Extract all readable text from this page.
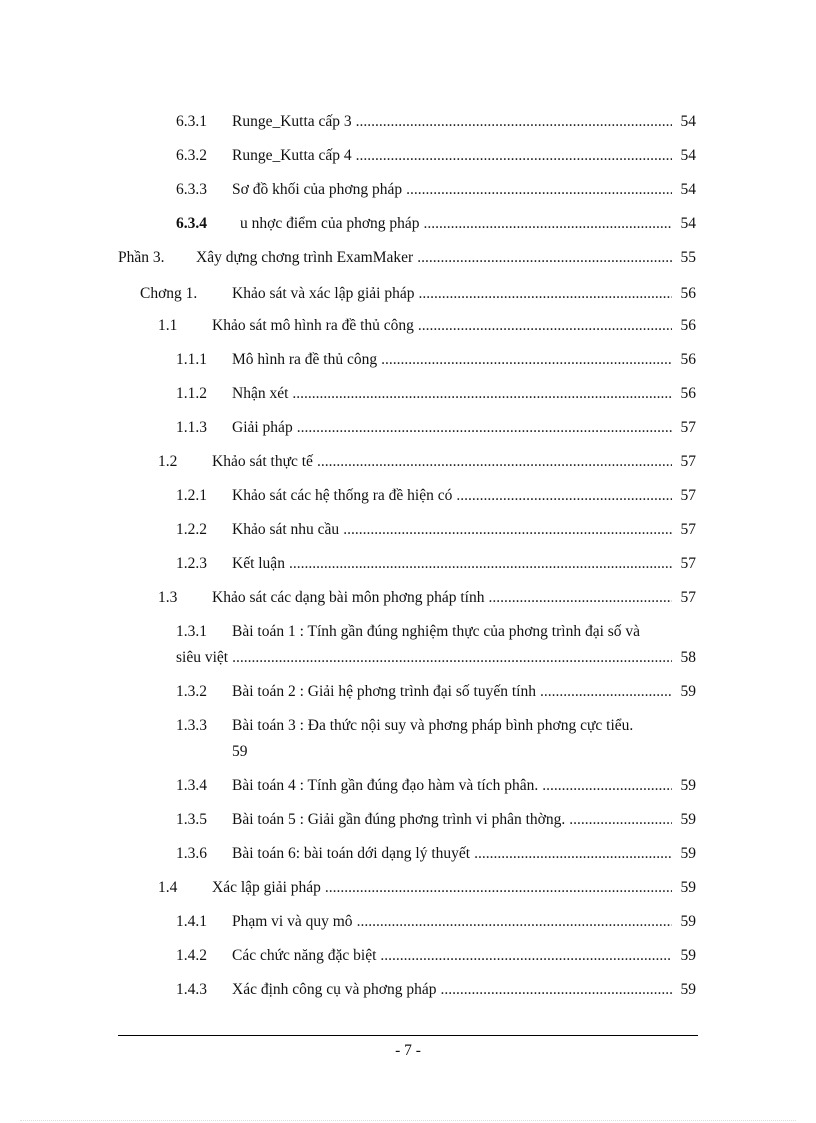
6.3.1	Runge_Kutta cấp 3 .....	54
6.3.2	Runge_Kutta cấp 4 .....	54
6.3.3	Sơ đồ khối của phơng pháp .....	54
6.3.4	u nhợc điểm của phơng pháp .....	54
Phần 3.	Xây dựng chơng trình ExamMaker .....	55
Chơng 1.	Khảo sát và xác lập giải pháp .....	56
1.1	Khảo sát mô hình ra đề thủ công .....	56
1.1.1	Mô hình ra đề thủ công .....	56
1.1.2	Nhận xét .....	56
1.1.3	Giải pháp .....	57
1.2	Khảo sát thực tế .....	57
1.2.1	Khảo sát các hệ thống ra đề hiện có .....	57
1.2.2	Khảo sát nhu cầu .....	57
1.2.3	Kết luận .....	57
1.3	Khảo sát các dạng bài môn phơng pháp tính .....	57
1.3.1 Bài toán 1 : Tính gần đúng nghiệm thực của phơng trình đại số và
siêu việt .....	58
1.3.2	Bài toán 2 : Giải hệ phơng trình đại số tuyến tính .....	59
1.3.3 Bài toán 3 : Đa thức nội suy và phơng pháp bình phơng cực tiểu.
59
1.3.4	Bài toán 4 : Tính gần đúng đạo hàm và tích phân. .....	59
1.3.5	Bài toán 5 : Giải gần đúng phơng trình vi phân thờng. .....	59
1.3.6	Bài toán 6: bài toán dới dạng lý thuyết .....	59
1.4	Xác lập giải pháp .....	59
1.4.1	Phạm vi và quy mô .....	59
1.4.2	Các chức năng đặc biệt .....	59
1.4.3	Xác định công cụ và phơng pháp .....	59
- 7 -
